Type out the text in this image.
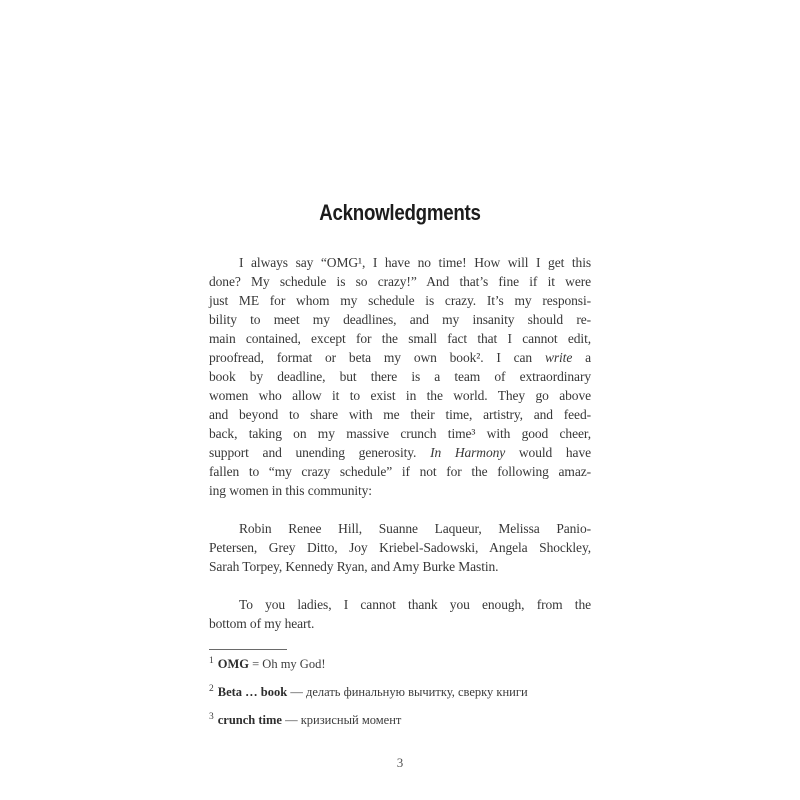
Acknowledgments
I always say “OMG¹, I have no time! How will I get this
done? My schedule is so crazy!” And that’s fine if it were
just ME for whom my schedule is crazy. It’s my responsi-
bility to meet my deadlines, and my insanity should re-
main contained, except for the small fact that I cannot edit,
proofread, format or beta my own book². I can write a
book by deadline, but there is a team of extraordinary
women who allow it to exist in the world. They go above
and beyond to share with me their time, artistry, and feed-
back, taking on my massive crunch time³ with good cheer,
support and unending generosity. In Harmony would have
fallen to “my crazy schedule” if not for the following amaz-
ing women in this community:
Robin Renee Hill, Suanne Laqueur, Melissa Panio-
Petersen, Grey Ditto, Joy Kriebel-Sadowski, Angela Shockley,
Sarah Torpey, Kennedy Ryan, and Amy Burke Mastin.
To you ladies, I cannot thank you enough, from the
bottom of my heart.
$^1$ OMG = Oh my God!
$^2$ Beta … book — делать финальную вычитку, сверку книги
$^3$ crunch time — кризисный момент
3
